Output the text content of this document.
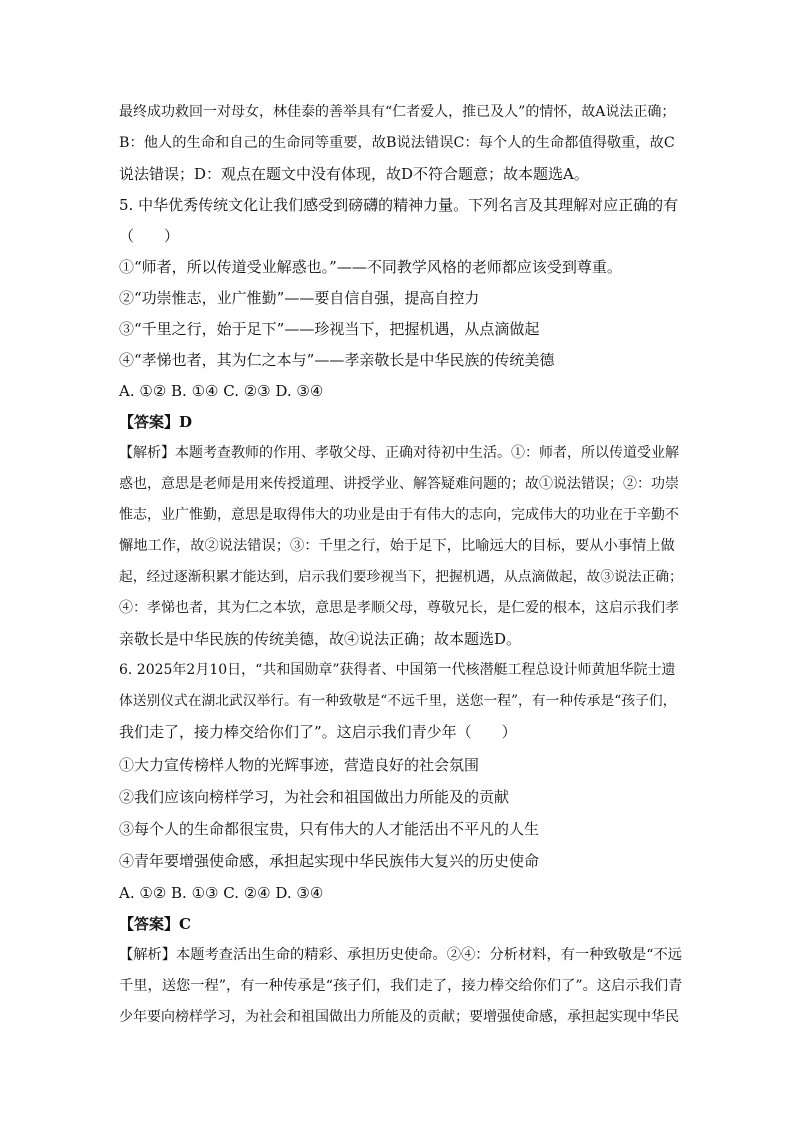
最终成功救回一对母女，林佳泰的善举具有“仁者爱人，推已及人”的情怀，故A说法正确；
B：他人的生命和自己的生命同等重要，故B说法错误C：每个人的生命都值得敬重，故C
说法错误；D：观点在题文中没有体现，故D不符合题意；故本题选A。
5. 中华优秀传统文化让我们感受到磅礴的精神力量。下列名言及其理解对应正确的有
（　　）
①“师者，所以传道受业解惑也。”——不同教学风格的老师都应该受到尊重。
②“功崇惟志，业广惟勤”——要自信自强，提高自控力
③“千里之行，始于足下”——珍视当下，把握机遇，从点滴做起
④“孝悌也者，其为仁之本与”——孝亲敬长是中华民族的传统美德
A. ①② B. ①④ C. ②③ D. ③④
【答案】D
【解析】本题考查教师的作用、孝敬父母、正确对待初中生活。①：师者，所以传道受业解
惑也，意思是老师是用来传授道理、讲授学业、解答疑难问题的；故①说法错误；②：功崇
惟志，业广惟勤，意思是取得伟大的功业是由于有伟大的志向，完成伟大的功业在于辛勤不
懈地工作，故②说法错误；③：千里之行，始于足下，比喻远大的目标，要从小事情上做
起，经过逐渐积累才能达到，启示我们要珍视当下，把握机遇，从点滴做起，故③说法正确；
④：孝悌也者，其为仁之本欤，意思是孝顺父母，尊敬兄长，是仁爱的根本，这启示我们孝
亲敬长是中华民族的传统美德，故④说法正确；故本题选D。
6. 2025年2月10日，“共和国勋章”获得者、中国第一代核潜艇工程总设计师黄旭华院士遗
体送别仪式在湖北武汉举行。有一种致敬是“不远千里，送您一程”，有一种传承是“孩子们，
我们走了，接力棒交给你们了”。这启示我们青少年（　　）
①大力宣传榜样人物的光辉事迹，营造良好的社会氛围
②我们应该向榜样学习，为社会和祖国做出力所能及的贡献
③每个人的生命都很宝贵，只有伟大的人才能活出不平凡的人生
④青年要增强使命感，承担起实现中华民族伟大复兴的历史使命
A. ①② B. ①③ C. ②④ D. ③④
【答案】C
【解析】本题考查活出生命的精彩、承担历史使命。②④：分析材料，有一种致敬是“不远
千里，送您一程”，有一种传承是“孩子们，我们走了，接力棒交给你们了”。这启示我们青
少年要向榜样学习，为社会和祖国做出力所能及的贡献；要增强使命感，承担起实现中华民
